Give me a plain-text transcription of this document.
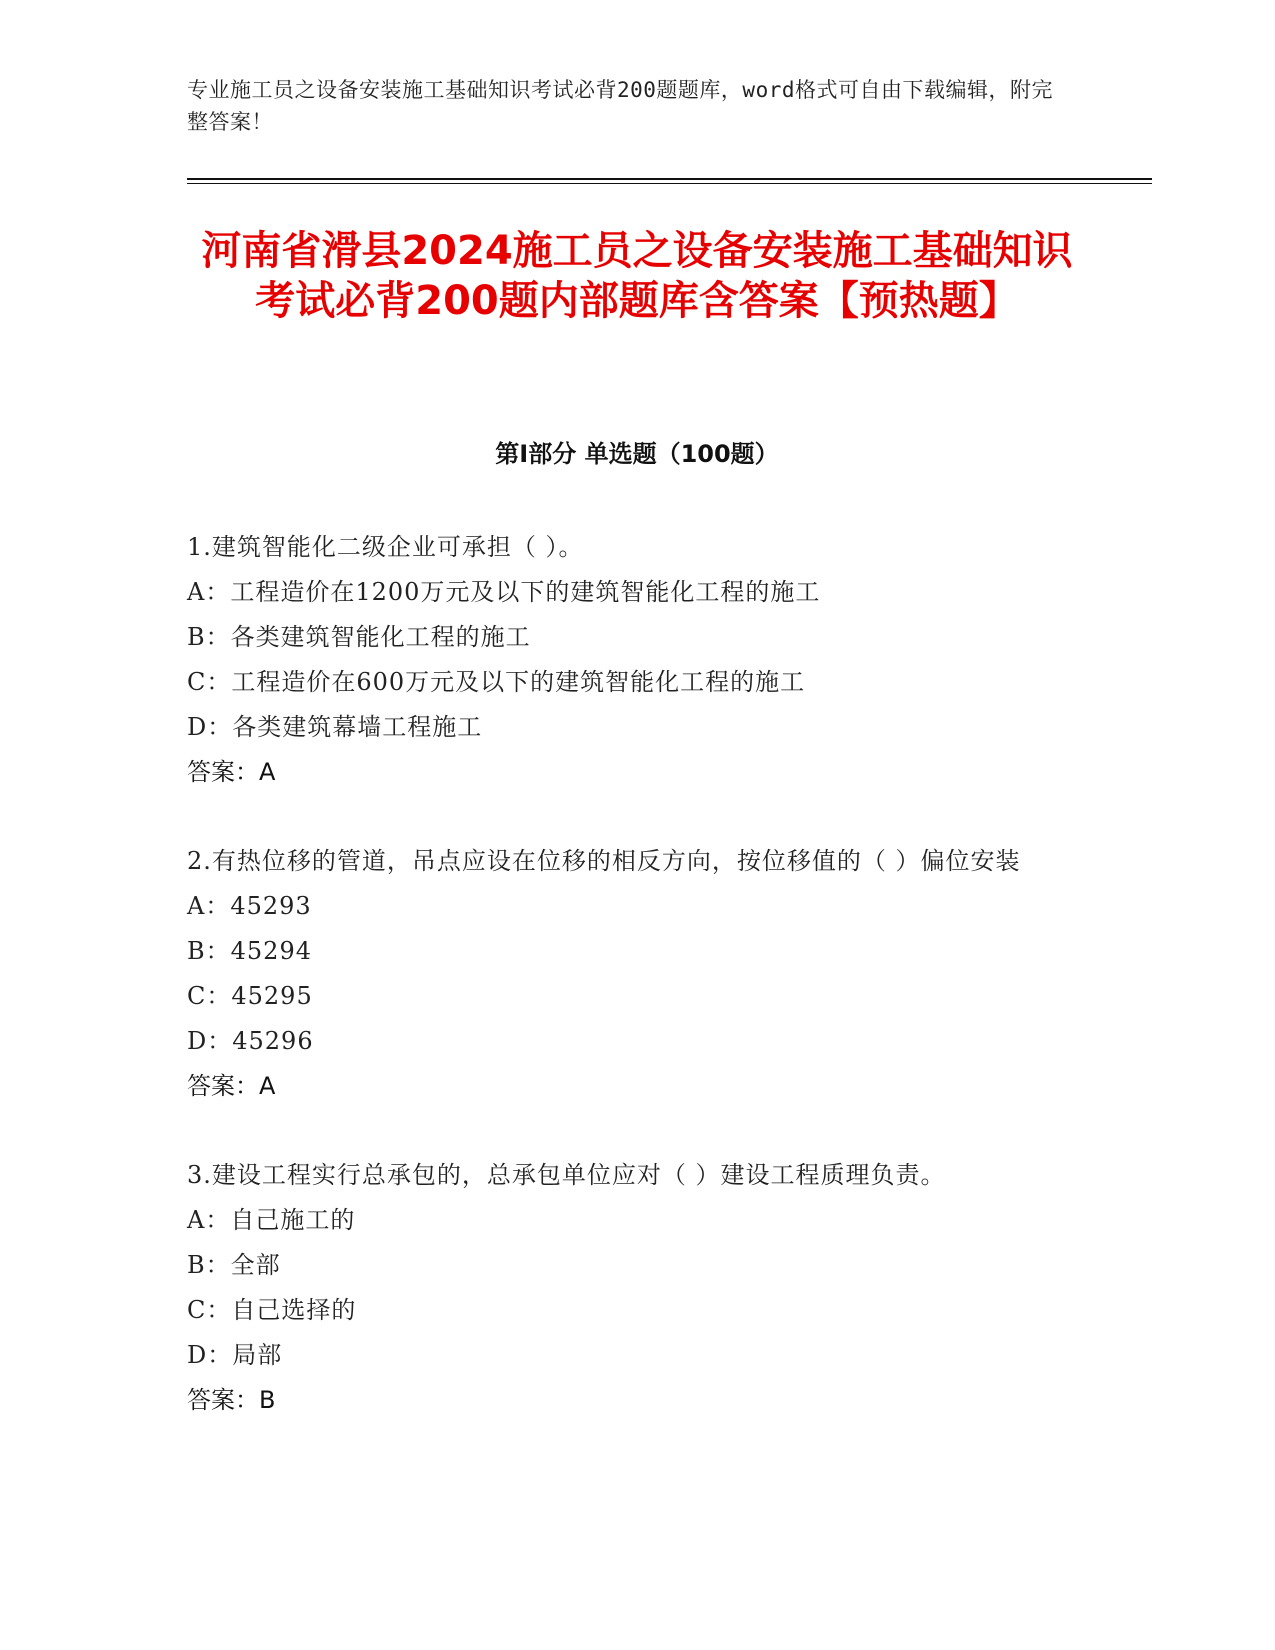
专业施工员之设备安装施工基础知识考试必背200题题库，word格式可自由下载编辑，附完整答案！
河南省滑县2024施工员之设备安装施工基础知识考试必背200题内部题库含答案【预热题】
第I部分 单选题（100题）
1.建筑智能化二级企业可承担（ ）。
A：工程造价在1200万元及以下的建筑智能化工程的施工
B：各类建筑智能化工程的施工
C：工程造价在600万元及以下的建筑智能化工程的施工
D：各类建筑幕墙工程施工
答案：A
2.有热位移的管道，吊点应设在位移的相反方向，按位移值的（ ）偏位安装
A：45293
B：45294
C：45295
D：45296
答案：A
3.建设工程实行总承包的，总承包单位应对（ ）建设工程质理负责。
A：自己施工的
B：全部
C：自己选择的
D：局部
答案：B
